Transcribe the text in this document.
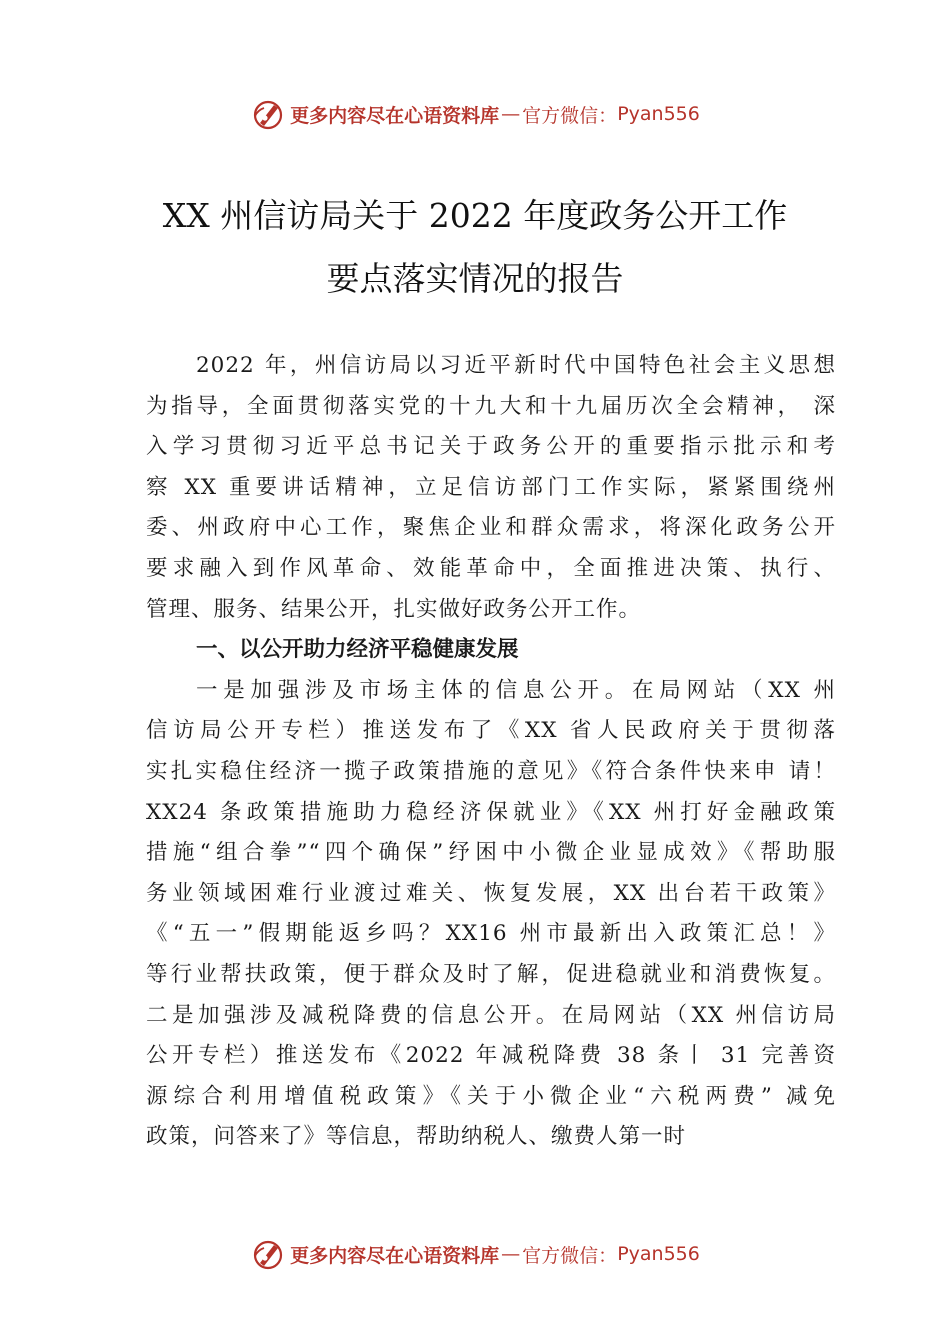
更多内容尽在心语资料库 — 官方微信： Pyan556
XX 州信访局关于 2022 年度政务公开工作
要点落实情况的报告
2022 年，州信访局以习近平新时代中国特色社会主义思想
为指导，全面贯彻落实党的十九大和十九届历次全会精神， 深
入学习贯彻习近平总书记关于政务公开的重要指示批示和考
察 XX 重要讲话精神，立足信访部门工作实际，紧紧围绕州
委、州政府中心工作，聚焦企业和群众需求，将深化政务公开
要求融入到作风革命、效能革命中，全面推进决策、执行、
管理、服务、结果公开，扎实做好政务公开工作。
一、以公开助力经济平稳健康发展
一是加强涉及市场主体的信息公开。在局网站（XX 州
信访局公开专栏）推送发布了《XX 省人民政府关于贯彻落
实扎实稳住经济一揽子政策措施的意见》《符合条件快来申 请！
XX24 条政策措施助力稳经济保就业》《XX 州打好金融政策
措施“组合拳”“四个确保”纾困中小微企业显成效》《帮助服
务业领域困难行业渡过难关、恢复发展，XX 出台若干政策》
《“五一”假期能返乡吗？XX16 州市最新出入政策汇总！》
等行业帮扶政策，便于群众及时了解，促进稳就业和消费恢复。
二是加强涉及减税降费的信息公开。在局网站（XX 州信访局
公开专栏）推送发布《2022 年减税降费 38 条丨 31 完善资
源综合利用增值税政策》《关于小微企业“六税两费” 减免
政策，问答来了》等信息，帮助纳税人、缴费人第一时
更多内容尽在心语资料库 — 官方微信： Pyan556
